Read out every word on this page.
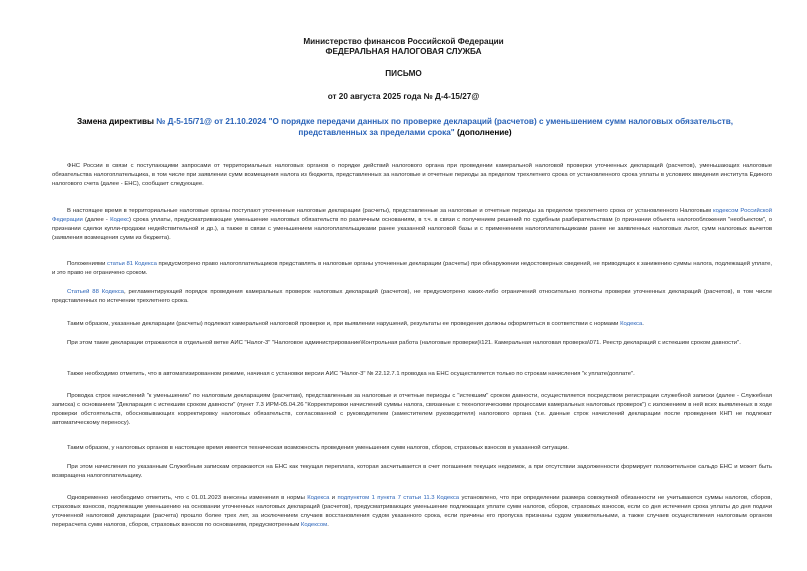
Министерство финансов Российской Федерации
ФЕДЕРАЛЬНАЯ НАЛОГОВАЯ СЛУЖБА
ПИСЬМО
от 20 августа 2025 года № Д-4-15/27@
Замена директивы № Д-5-15/71@ от 21.10.2024 "О порядке передачи данных по проверке деклараций (расчетов) с уменьшением сумм налоговых обязательств, представленных за пределами срока" (дополнение)
ФНС России в связи с поступающими запросами от территориальных налоговых органов о порядке действий налогового органа при проведении камеральной налоговой проверки уточненных деклараций (расчетов), уменьшающих налоговые обязательства налогоплательщика, в том числе при заявлении сумм возмещения налога из бюджета, представленных за налоговые и отчетные периоды за пределом трехлетнего срока от установленного срока уплаты в условиях введения института Единого налогового счета (далее - ЕНС), сообщает следующее.
В настоящее время в территориальные налоговые органы поступают уточненные налоговые декларации (расчеты), представленные за налоговые и отчетные периоды за пределом трехлетнего срока от установленного Налоговым кодексом Российской Федерации (далее - Кодекс) срока уплаты, предусматривающие уменьшение налоговых обязательств по различным основаниям, в т.ч. в связи с получением решений по судебным разбирательствам (о признании объекта налогообложения "необъектом", о признании сделки купли-продажи недействительной и др.), а также в связи с уменьшением налогоплательщиками ранее указанной налоговой базы и с применением налогоплательщиками ранее не заявленных налоговых льгот, сумм налоговых вычетов (заявления возмещения сумм из бюджета).
Положениями статьи 81 Кодекса предусмотрено право налогоплательщиков представлять в налоговые органы уточненные декларации (расчеты) при обнаружении недостоверных сведений, не приводящих к занижению суммы налога, подлежащей уплате, и это право не ограничено сроком.
Статьей 88 Кодекса, регламентирующей порядок проведения камеральных проверок налоговых деклараций (расчетов), не предусмотрено каких-либо ограничений относительно полноты проверки уточненных деклараций (расчетов), в том числе представленных по истечении трехлетнего срока.
Таким образом, указанные декларации (расчеты) подлежат камеральной налоговой проверке и, при выявлении нарушений, результаты ее проведения должны оформляться в соответствии с нормами Кодекса.
При этом такие декларации отражаются в отдельной ветке АИС "Налог-3" "Налоговое администрирование\Контрольная работа (налоговые проверки)\121. Камеральная налоговая проверка\071. Реестр деклараций с истекшим сроком давности".
Также необходимо отметить, что в автоматизированном режиме, начиная с установки версии АИС "Налог-3" № 22.12.7.1 проводка на ЕНС осуществляется только по строкам начисления "к уплате/доплате".
Проводка строк начислений "к уменьшению" по налоговым декларациям (расчетам), представленным за налоговые и отчетные периоды с "истекшим" сроком давности, осуществляется посредством регистрации служебной записки (далее - Служебная записка) с основанием "Декларация с истекшим сроком давности" (пункт 7.3 ИРМ-05.04.26 "Корректировки начислений суммы налога, связанные с технологическими процессами камеральных налоговых проверок") с изложением в ней всех выявленных в ходе проверки обстоятельств, обосновывающих корректировку налоговых обязательств, согласованной с руководителем (заместителем руководителя) налогового органа (т.е. данные строк начислений декларации после проведения КНП не подлежат автоматическому переносу).
Таким образом, у налоговых органов в настоящее время имеется техническая возможность проведения уменьшения сумм налогов, сборов, страховых взносов в указанной ситуации.
При этом начисления по указанным Служебным запискам отражаются на ЕНС как текущая переплата, которая засчитывается в счет погашения текущих недоимок, а при отсутствии задолженности формирует положительное сальдо ЕНС и может быть возвращена налогоплательщику.
Одновременно необходимо отметить, что с 01.01.2023 внесены изменения в нормы Кодекса и подпунктом 1 пункта 7 статьи 11.3 Кодекса установлено, что при определении размера совокупной обязанности не учитываются суммы налогов, сборов, страховых взносов, подлежащие уменьшению на основании уточненных налоговых деклараций (расчетов), предусматривающих уменьшение подлежащих уплате сумм налогов, сборов, страховых взносов, если со дня истечения срока уплаты до дня подачи уточненной налоговой декларации (расчета) прошло более трех лет, за исключением случаев восстановления судом указанного срока, если причины его пропуска признаны судом уважительными, а также случаев осуществления налоговым органом перерасчета сумм налогов, сборов, страховых взносов по основаниям, предусмотренным Кодексом.
